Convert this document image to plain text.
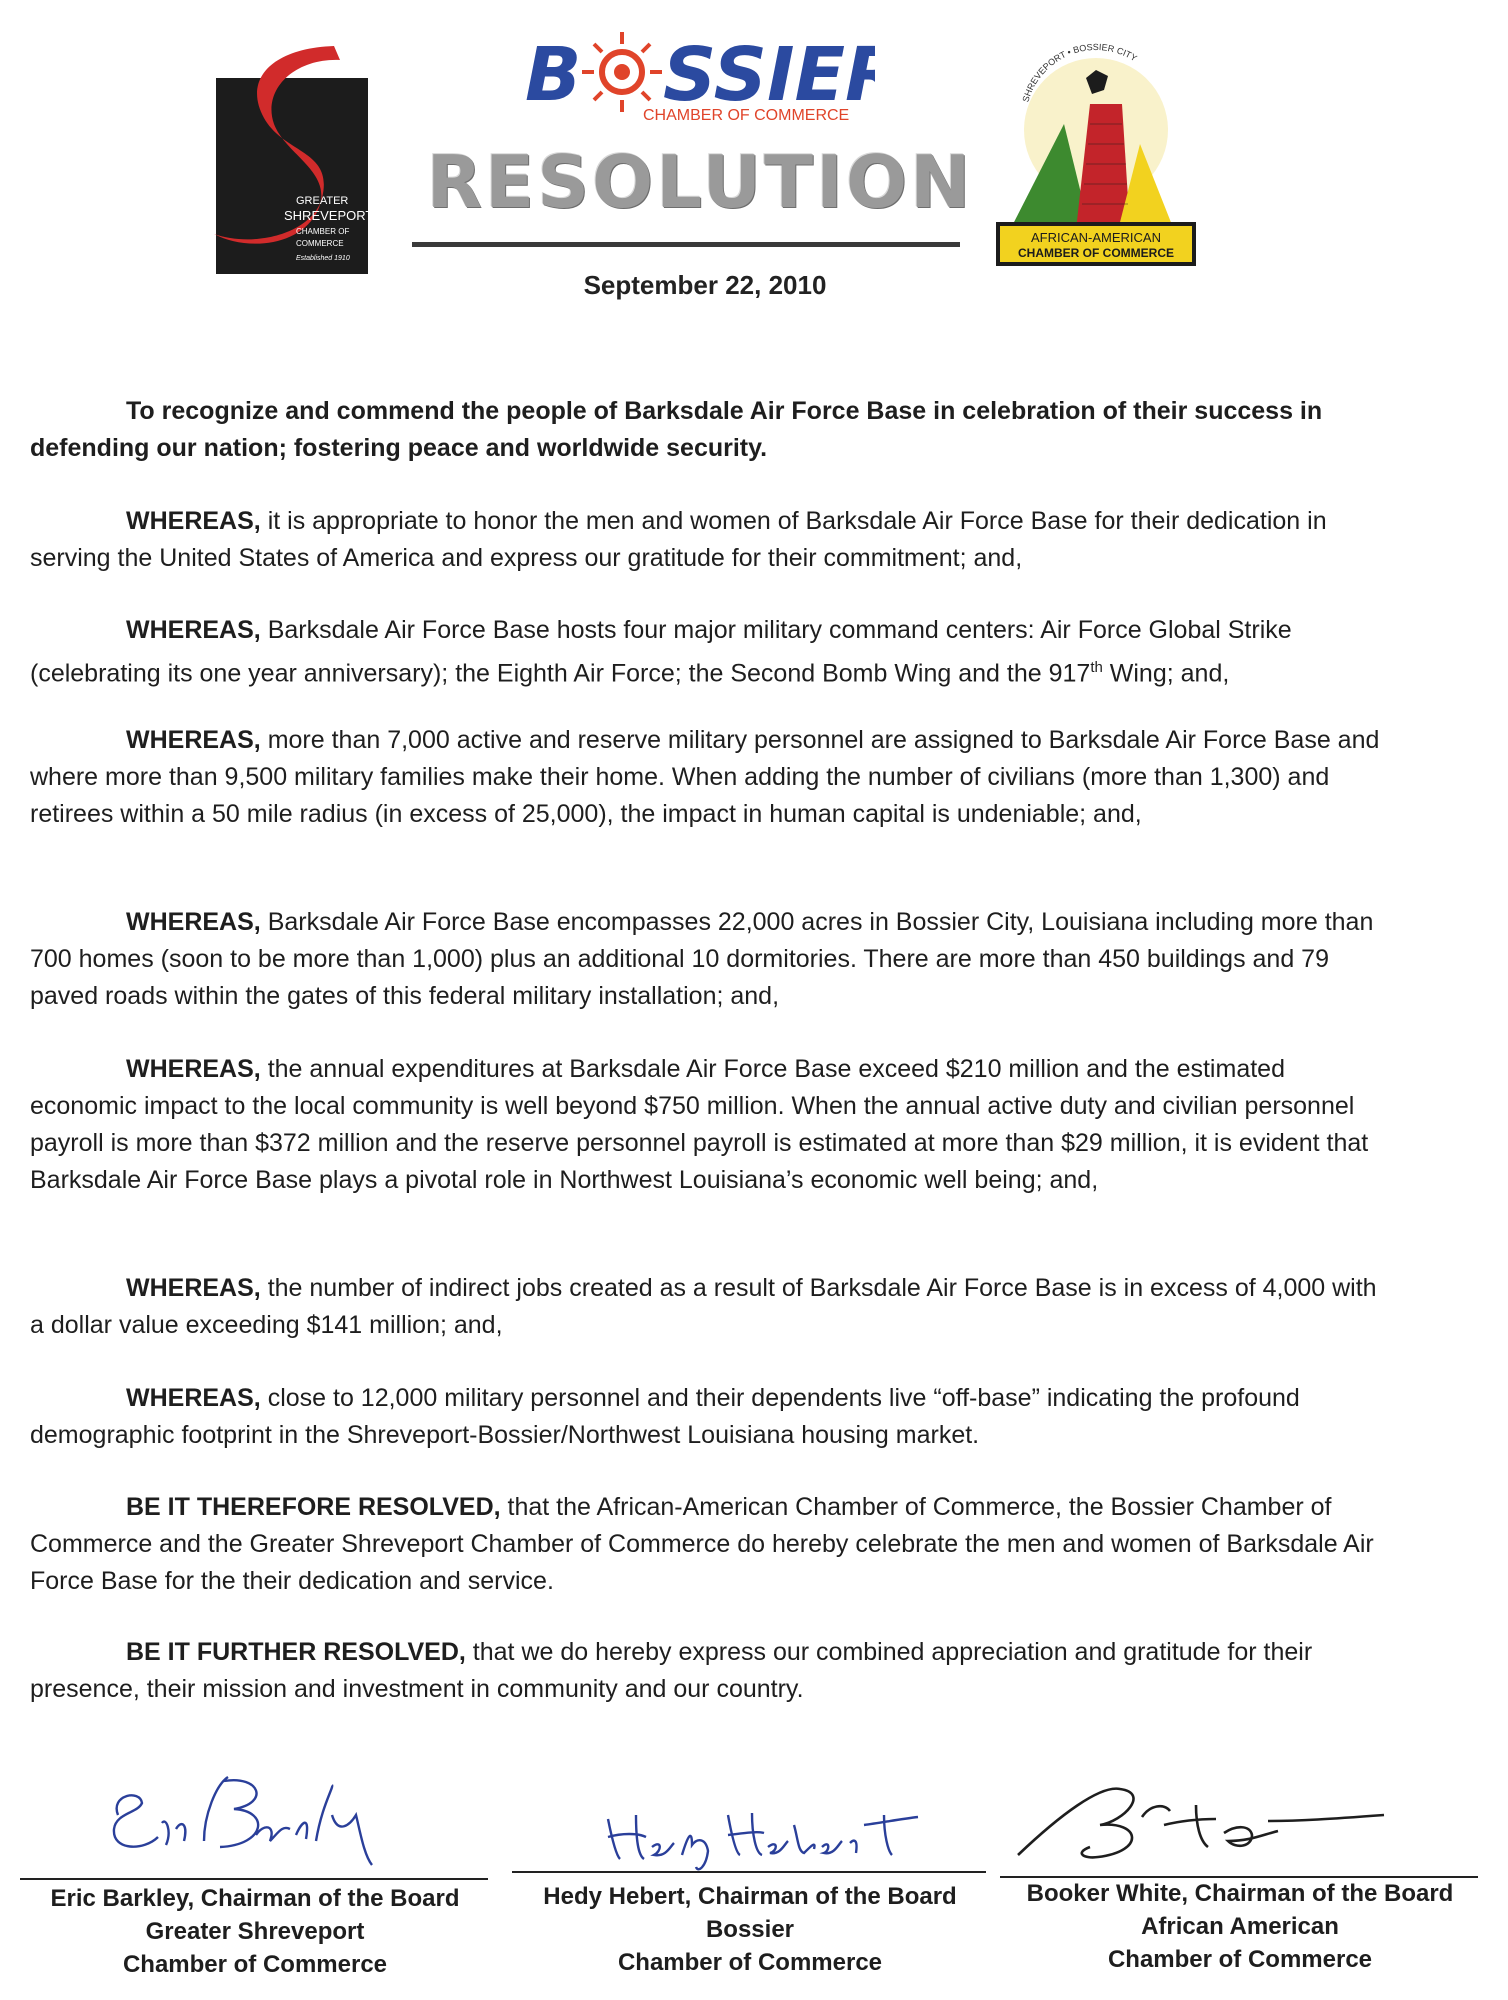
GREATER
SHREVEPORT
CHAMBER OF
COMMERCE
Established 1910
B SSIE
CHAMBER OF COMMERCE
RESOLUTION
September 22, 2010
SHREVEPORT • BOSSIER CITY
AFRICAN-AMERICAN
CHAMBER OF COMMERCE
To recognize and commend the people of Barksdale Air Force Base in celebration of their success in defending our nation; fostering peace and worldwide security.
WHEREAS, it is appropriate to honor the men and women of Barksdale Air Force Base for their dedication in serving the United States of America and express our gratitude for their commitment; and,
WHEREAS, Barksdale Air Force Base hosts four major military command centers: Air Force Global Strike (celebrating its one year anniversary); the Eighth Air Force; the Second Bomb Wing and the 917th Wing; and,
WHEREAS, more than 7,000 active and reserve military personnel are assigned to Barksdale Air Force Base and where more than 9,500 military families make their home. When adding the number of civilians (more than 1,300) and retirees within a 50 mile radius (in excess of 25,000), the impact in human capital is undeniable; and,
WHEREAS, Barksdale Air Force Base encompasses 22,000 acres in Bossier City, Louisiana including more than 700 homes (soon to be more than 1,000) plus an additional 10 dormitories. There are more than 450 buildings and 79 paved roads within the gates of this federal military installation; and,
WHEREAS, the annual expenditures at Barksdale Air Force Base exceed $210 million and the estimated economic impact to the local community is well beyond $750 million. When the annual active duty and civilian personnel payroll is more than $372 million and the reserve personnel payroll is estimated at more than $29 million, it is evident that Barksdale Air Force Base plays a pivotal role in Northwest Louisiana’s economic well being; and,
WHEREAS, the number of indirect jobs created as a result of Barksdale Air Force Base is in excess of 4,000 with a dollar value exceeding $141 million; and,
WHEREAS, close to 12,000 military personnel and their dependents live “off-base” indicating the profound demographic footprint in the Shreveport-Bossier/Northwest Louisiana housing market.
BE IT THEREFORE RESOLVED, that the African-American Chamber of Commerce, the Bossier Chamber of Commerce and the Greater Shreveport Chamber of Commerce do hereby celebrate the men and women of Barksdale Air Force Base for the their dedication and service.
BE IT FURTHER RESOLVED, that we do hereby express our combined appreciation and gratitude for their presence, their mission and investment in community and our country.
Eric Barkley, Chairman of the Board
Greater Shreveport
Chamber of Commerce
Hedy Hebert, Chairman of the Board
Bossier
Chamber of Commerce
Booker White, Chairman of the Board
African American
Chamber of Commerce
